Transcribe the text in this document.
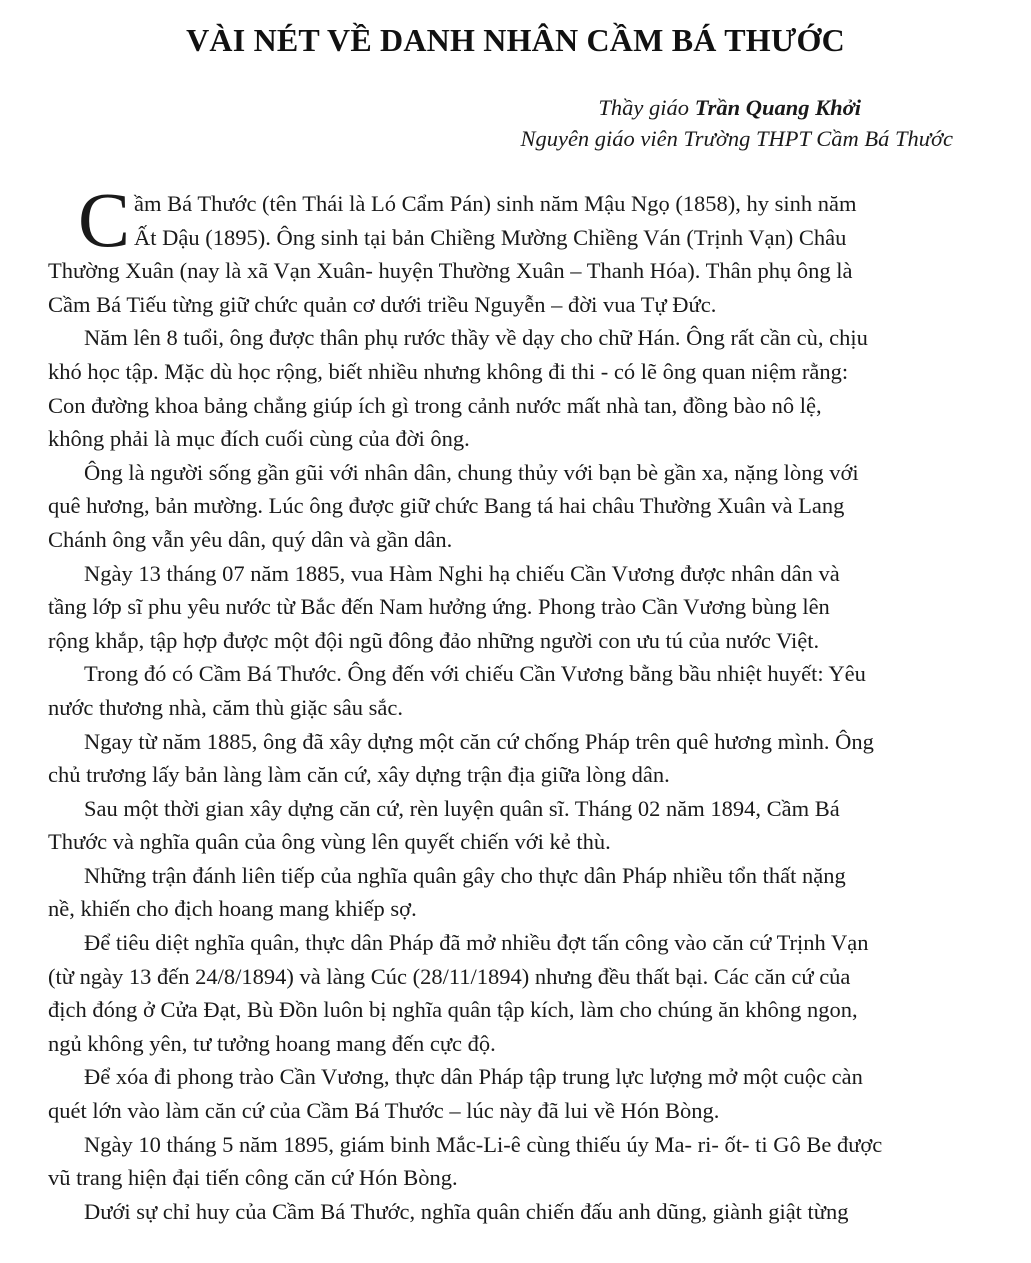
VÀI NÉT VỀ DANH NHÂN CẦM BÁ THƯỚC
Thầy giáo Trần Quang Khởi
Nguyên giáo viên Trường THPT Cầm Bá Thước

C ầm Bá Thước (tên Thái là Ló Cẩm Pán) sinh năm Mậu Ngọ (1858), hy sinh năm
Ất Dậu (1895). Ông sinh tại bản Chiềng Mường Chiềng Ván (Trịnh Vạn) Châu
Thường Xuân (nay là xã Vạn Xuân- huyện Thường Xuân – Thanh Hóa). Thân phụ ông là
Cầm Bá Tiếu từng giữ chức quản cơ dưới triều Nguyễn – đời vua Tự Đức.

Năm lên 8 tuổi, ông được thân phụ rước thầy về dạy cho chữ Hán. Ông rất cần cù, chịu
khó học tập. Mặc dù học rộng, biết nhiều nhưng không đi thi - có lẽ ông quan niệm rằng:
Con đường khoa bảng chẳng giúp ích gì trong cảnh nước mất nhà tan, đồng bào nô lệ,
không phải là mục đích cuối cùng của đời ông.

Ông là người sống gần gũi với nhân dân, chung thủy với bạn bè gần xa, nặng lòng với
quê hương, bản mường. Lúc ông được giữ chức Bang tá hai châu Thường Xuân và Lang
Chánh ông vẫn yêu dân, quý dân và gần dân.

Ngày 13 tháng 07 năm 1885, vua Hàm Nghi hạ chiếu Cần Vương được nhân dân và
tầng lớp sĩ phu yêu nước từ Bắc đến Nam hưởng ứng. Phong trào Cần Vương bùng lên
rộng khắp, tập hợp được một đội ngũ đông đảo những người con ưu tú của nước Việt.

Trong đó có Cầm Bá Thước. Ông đến với chiếu Cần Vương bằng bầu nhiệt huyết: Yêu
nước thương nhà, căm thù giặc sâu sắc.

Ngay từ năm 1885, ông đã xây dựng một căn cứ chống Pháp trên quê hương mình. Ông
chủ trương lấy bản làng làm căn cứ, xây dựng trận địa giữa lòng dân.

Sau một thời gian xây dựng căn cứ, rèn luyện quân sĩ. Tháng 02 năm 1894, Cầm Bá
Thước và nghĩa quân của ông vùng lên quyết chiến với kẻ thù.

Những trận đánh liên tiếp của nghĩa quân gây cho thực dân Pháp nhiều tổn thất nặng
nề, khiến cho địch hoang mang khiếp sợ.

Để tiêu diệt nghĩa quân, thực dân Pháp đã mở nhiều đợt tấn công vào căn cứ Trịnh Vạn
(từ ngày 13 đến 24/8/1894) và làng Cúc (28/11/1894) nhưng đều thất bại. Các căn cứ của
địch đóng ở Cửa Đạt, Bù Đồn luôn bị nghĩa quân tập kích, làm cho chúng ăn không ngon,
ngủ không yên, tư tưởng hoang mang đến cực độ.

Để xóa đi phong trào Cần Vương, thực dân Pháp tập trung lực lượng mở một cuộc càn
quét lớn vào làm căn cứ của Cầm Bá Thước – lúc này đã lui về Hón Bòng.

Ngày 10 tháng 5 năm 1895, giám binh Mắc-Li-ê cùng thiếu úy Ma- ri- ốt- ti Gô Be được
vũ trang hiện đại tiến công căn cứ Hón Bòng.

Dưới sự chỉ huy của Cầm Bá Thước, nghĩa quân chiến đấu anh dũng, giành giật từng
